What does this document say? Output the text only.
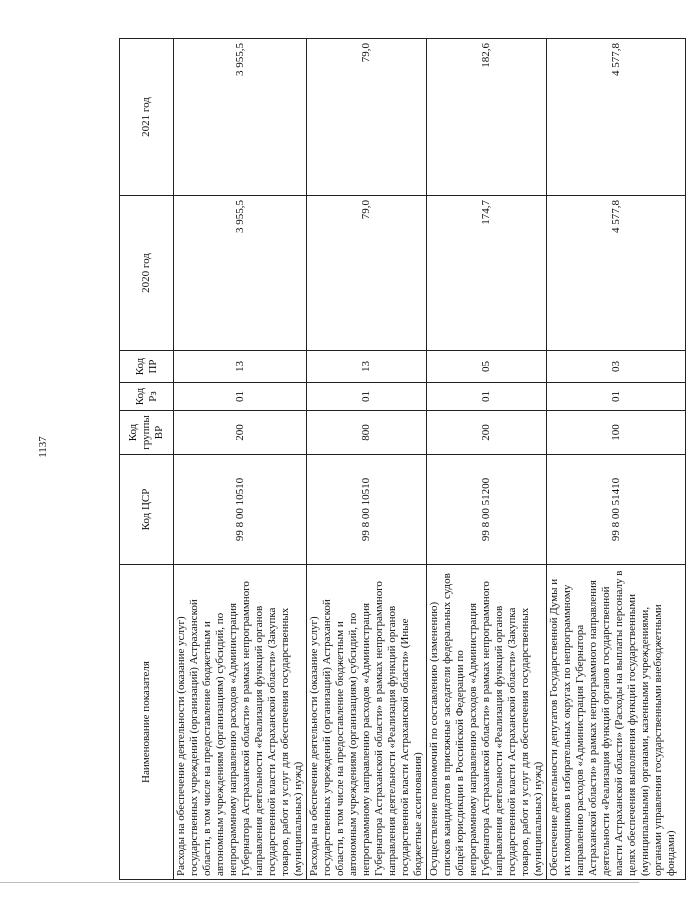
1137
Наименование показателя	Код ЦСР	Код группы ВР	Код Рз	Код ПР	2020 год	2021 год
Расходы на обеспечение деятельности (оказание услуг) государственных учреждений (организаций) Астраханской области, в том числе на предоставление бюджетным и автономным учреждениям (организациям) субсидий, по непрограммному направлению расходов «Администрация Губернатора Астраханской области» в рамках непрограммного направления деятельности «Реализация функций органов государственной власти Астраханской области» (Закупка товаров, работ и услуг для обеспечения государственных (муниципальных) нужд)	99 8 00 10510	200	01	13	3 955,5	3 955,5
Расходы на обеспечение деятельности (оказание услуг) государственных учреждений (организаций) Астраханской области, в том числе на предоставление бюджетным и автономным учреждениям (организациям) субсидий, по непрограммному направлению расходов «Администрация Губернатора Астраханской области» в рамках непрограммного направления деятельности «Реализация функций органов государственной власти Астраханской области» (Иные бюджетные ассигнования)	99 8 00 10510	800	01	13	79,0	79,0
Осуществление полномочий по составлению (изменению) списков кандидатов в присяжные заседатели федеральных судов общей юрисдикции в Российской Федерации по непрограммному направлению расходов «Администрация Губернатора Астраханской области» в рамках непрограммного направления деятельности «Реализация функций органов государственной власти Астраханской области» (Закупка товаров, работ и услуг для обеспечения государственных (муниципальных) нужд)	99 8 00 51200	200	01	05	174,7	182,6
Обеспечение деятельности депутатов Государственной Думы и их помощников в избирательных округах по непрограммному направлению расходов «Администрация Губернатора Астраханской области» в рамках непрограммного направления деятельности «Реализация функций органов государственной власти Астраханской области» (Расходы на выплаты персоналу в целях обеспечения выполнения функций государственными (муниципальными) органами, казенными учреждениями, органами управления государственными внебюджетными фондами)	99 8 00 51410	100	01	03	4 577,8	4 577,8
